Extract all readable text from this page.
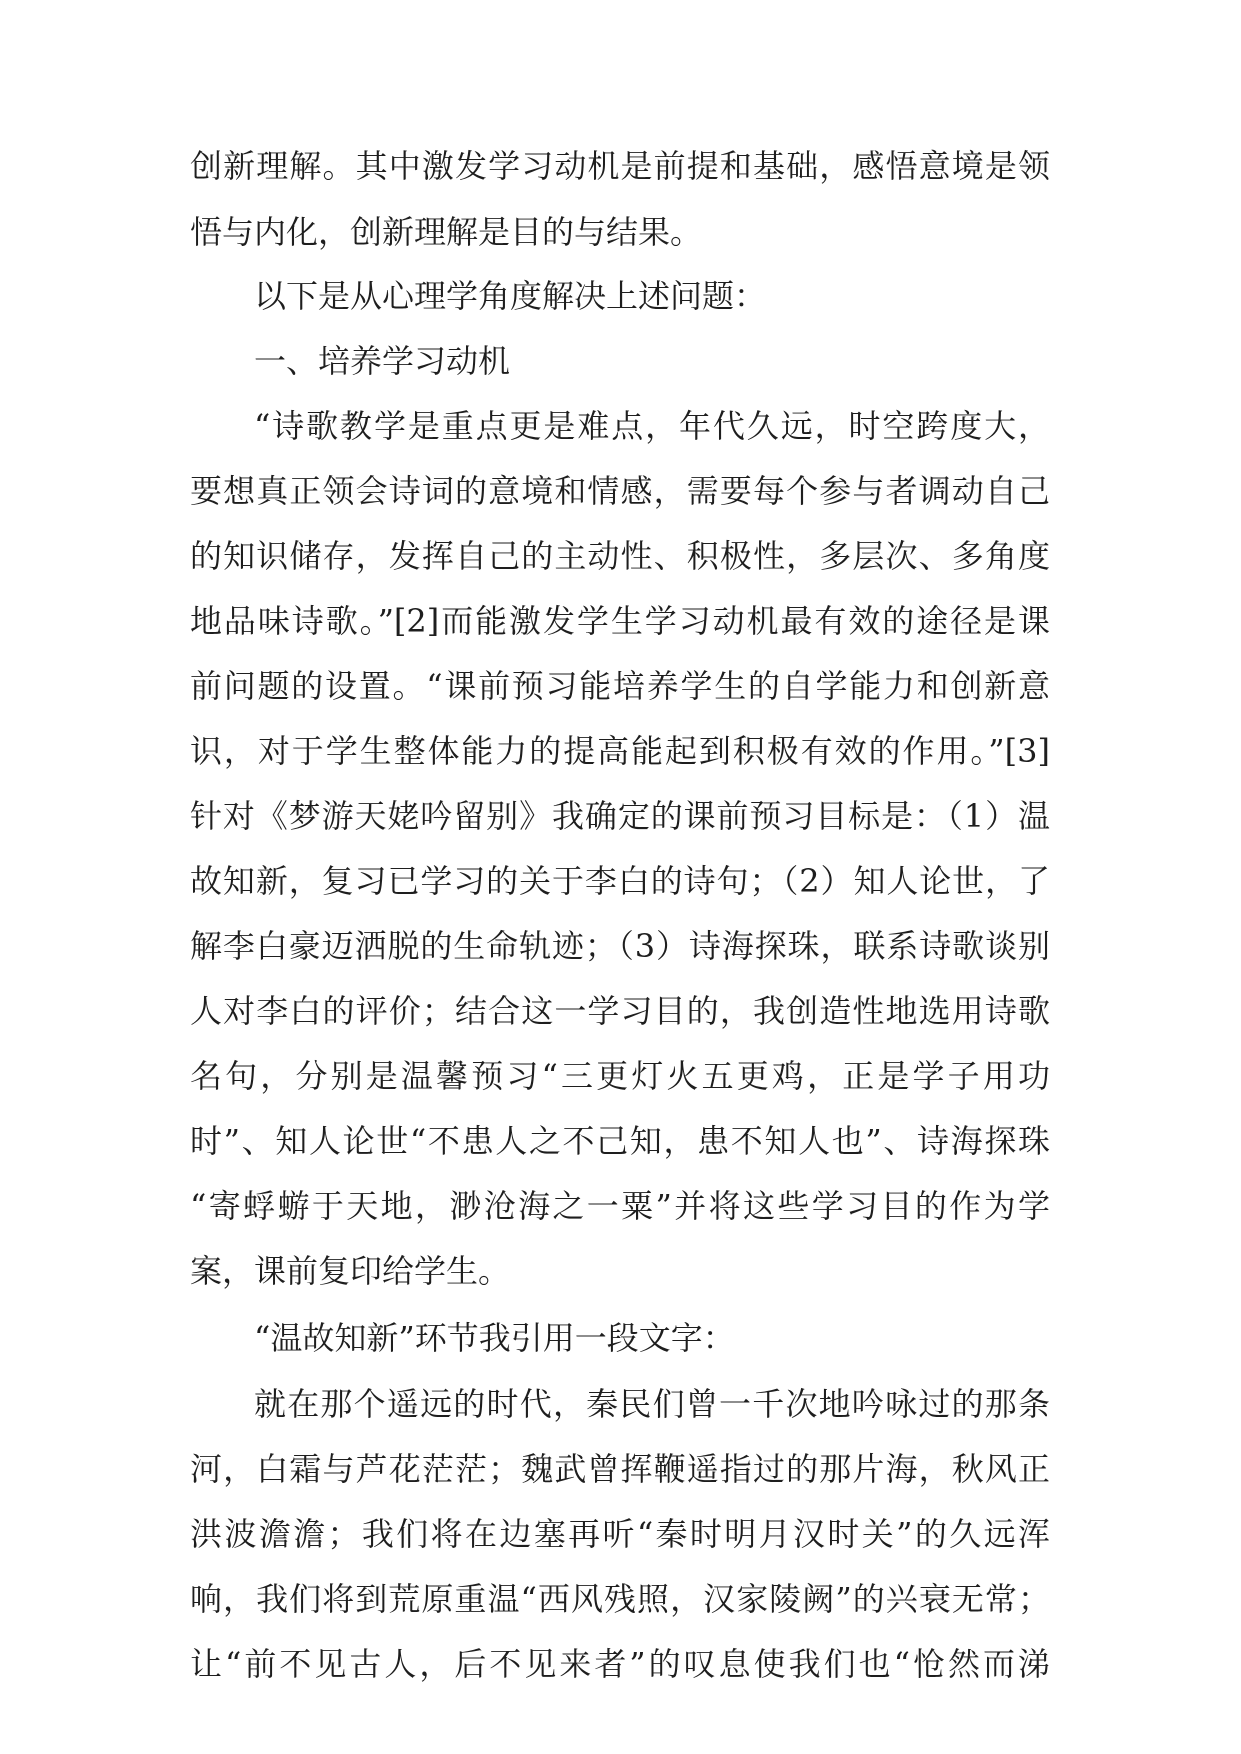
创新理解。其中激发学习动机是前提和基础，感悟意境是领
悟与内化，创新理解是目的与结果。
以下是从心理学角度解决上述问题：
一、培养学习动机
“诗歌教学是重点更是难点，年代久远，时空跨度大，
要想真正领会诗词的意境和情感，需要每个参与者调动自己
的知识储存，发挥自己的主动性、积极性，多层次、多角度
地品味诗歌。”[2]而能激发学生学习动机最有效的途径是课
前问题的设置。“课前预习能培养学生的自学能力和创新意
识，对于学生整体能力的提高能起到积极有效的作用。”[3]
针对《梦游天姥吟留别》我确定的课前预习目标是：（1）温
故知新，复习已学习的关于李白的诗句；（2）知人论世，了
解李白豪迈洒脱的生命轨迹；（3）诗海探珠，联系诗歌谈别
人对李白的评价；结合这一学习目的，我创造性地选用诗歌
名句，分别是温馨预习“三更灯火五更鸡，正是学子用功
时”、知人论世“不患人之不己知，患不知人也”、诗海探珠
“寄蜉蝣于天地，渺沧海之一粟”并将这些学习目的作为学
案，课前复印给学生。
“温故知新”环节我引用一段文字：
就在那个遥远的时代，秦民们曾一千次地吟咏过的那条
河，白霜与芦花茫茫；魏武曾挥鞭遥指过的那片海，秋风正
洪波澹澹；我们将在边塞再听“秦时明月汉时关”的久远浑
响，我们将到荒原重温“西风残照，汉家陵阙”的兴衰无常；
让“前不见古人，后不见来者”的叹息使我们也“怆然而涕
